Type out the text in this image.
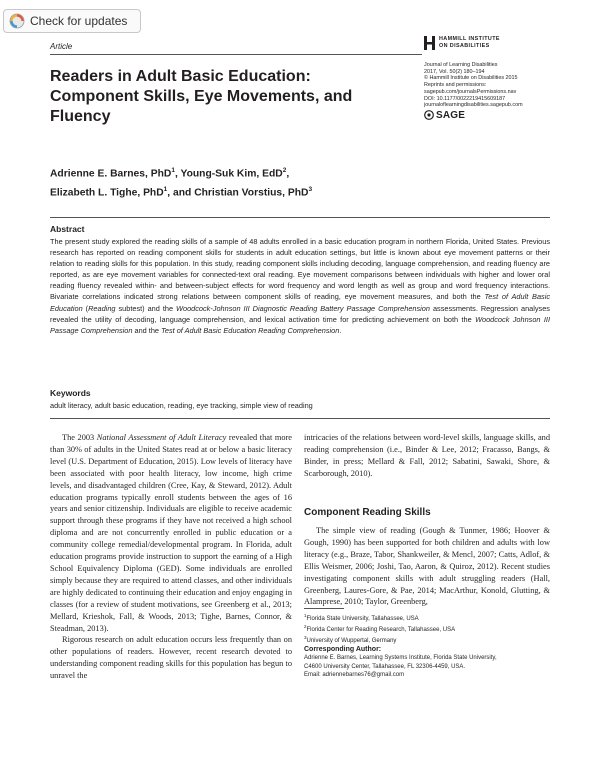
Check for updates
Article
Readers in Adult Basic Education: Component Skills, Eye Movements, and Fluency
HAMMILL INSTITUTE
ON DISABILITIES
Journal of Learning Disabilities
2017, Vol. 50(2) 180–194
© Hammill Institute on Disabilities 2015
Reprints and permissions:
sagepub.com/journalsPermissions.nav
DOI: 10.1177/0022219415609187
journaloflearningdisabilities.sagepub.com
SAGE
Adrienne E. Barnes, PhD$^1$, Young-Suk Kim, EdD$^2$,
Elizabeth L. Tighe, PhD$^1$, and Christian Vorstius, PhD$^3$
Abstract
The present study explored the reading skills of a sample of 48 adults enrolled in a basic education program in northern Florida, United States. Previous research has reported on reading component skills for students in adult education settings, but little is known about eye movement patterns or their relation to reading skills for this population. In this study, reading component skills including decoding, language comprehension, and reading fluency are reported, as are eye movement variables for connected-text oral reading. Eye movement comparisons between individuals with higher and lower oral reading fluency revealed within- and between-subject effects for word frequency and word length as well as group and word frequency interactions. Bivariate correlations indicated strong relations between component skills of reading, eye movement measures, and both the Test of Adult Basic Education (Reading subtest) and the Woodcock-Johnson III Diagnostic Reading Battery Passage Comprehension assessments. Regression analyses revealed the utility of decoding, language comprehension, and lexical activation time for predicting achievement on both the Woodcock Johnson III Passage Comprehension and the Test of Adult Basic Education Reading Comprehension.
Keywords
adult literacy, adult basic education, reading, eye tracking, simple view of reading

The 2003 National Assessment of Adult Literacy revealed that more than 30% of adults in the United States read at or below a basic literacy level (U.S. Department of Education, 2015). Low levels of literacy have been associated with poor health literacy, low income, high crime levels, and disadvantaged children (Cree, Kay, & Steward, 2012). Adult education programs typically enroll students between the ages of 16 years and senior citizenship. Individuals are eligible to receive academic support through these programs if they have not received a high school diploma and are not concurrently enrolled in public education or a community college remedial/developmental program. In Florida, adult education programs provide instruction to support the earning of a High School Equivalency Diploma (GED). Some individuals are enrolled simply because they are required to attend classes, and other individuals are highly dedicated to continuing their education and enjoy engaging in classes (for a review of student motivations, see Greenberg et al., 2013; Mellard, Krieshok, Fall, & Woods, 2013; Tighe, Barnes, Connor, & Steadman, 2013).

Rigorous research on adult education occurs less frequently than on other populations of readers. However, recent research devoted to understanding component reading skills for this population has begun to unravel the

intricacies of the relations between word-level skills, language skills, and reading comprehension (i.e., Binder & Lee, 2012; Fracasso, Bangs, & Binder, in press; Mellard & Fall, 2012; Sabatini, Sawaki, Shore, & Scarborough, 2010).

Component Reading Skills

The simple view of reading (Gough & Tunmer, 1986; Hoover & Gough, 1990) has been supported for both children and adults with low literacy (e.g., Braze, Tabor, Shankweiler, & Mencl, 2007; Catts, Adlof, & Ellis Weismer, 2006; Joshi, Tao, Aaron, & Quiroz, 2012). Recent studies investigating component skills with adult struggling readers (Hall, Greenberg, Laures-Gore, & Pae, 2014; MacArthur, Konold, Glutting, & Alamprese, 2010; Taylor, Greenberg,

$^1$Florida State University, Tallahassee, USA
$^2$Florida Center for Reading Research, Tallahassee, USA
$^3$University of Wuppertal, Germany
Corresponding Author:
Adrienne E. Barnes, Learning Systems Institute, Florida State University,
C4600 University Center, Tallahassee, FL 32306-4459, USA.
Email: adriennebarnes76@gmail.com
